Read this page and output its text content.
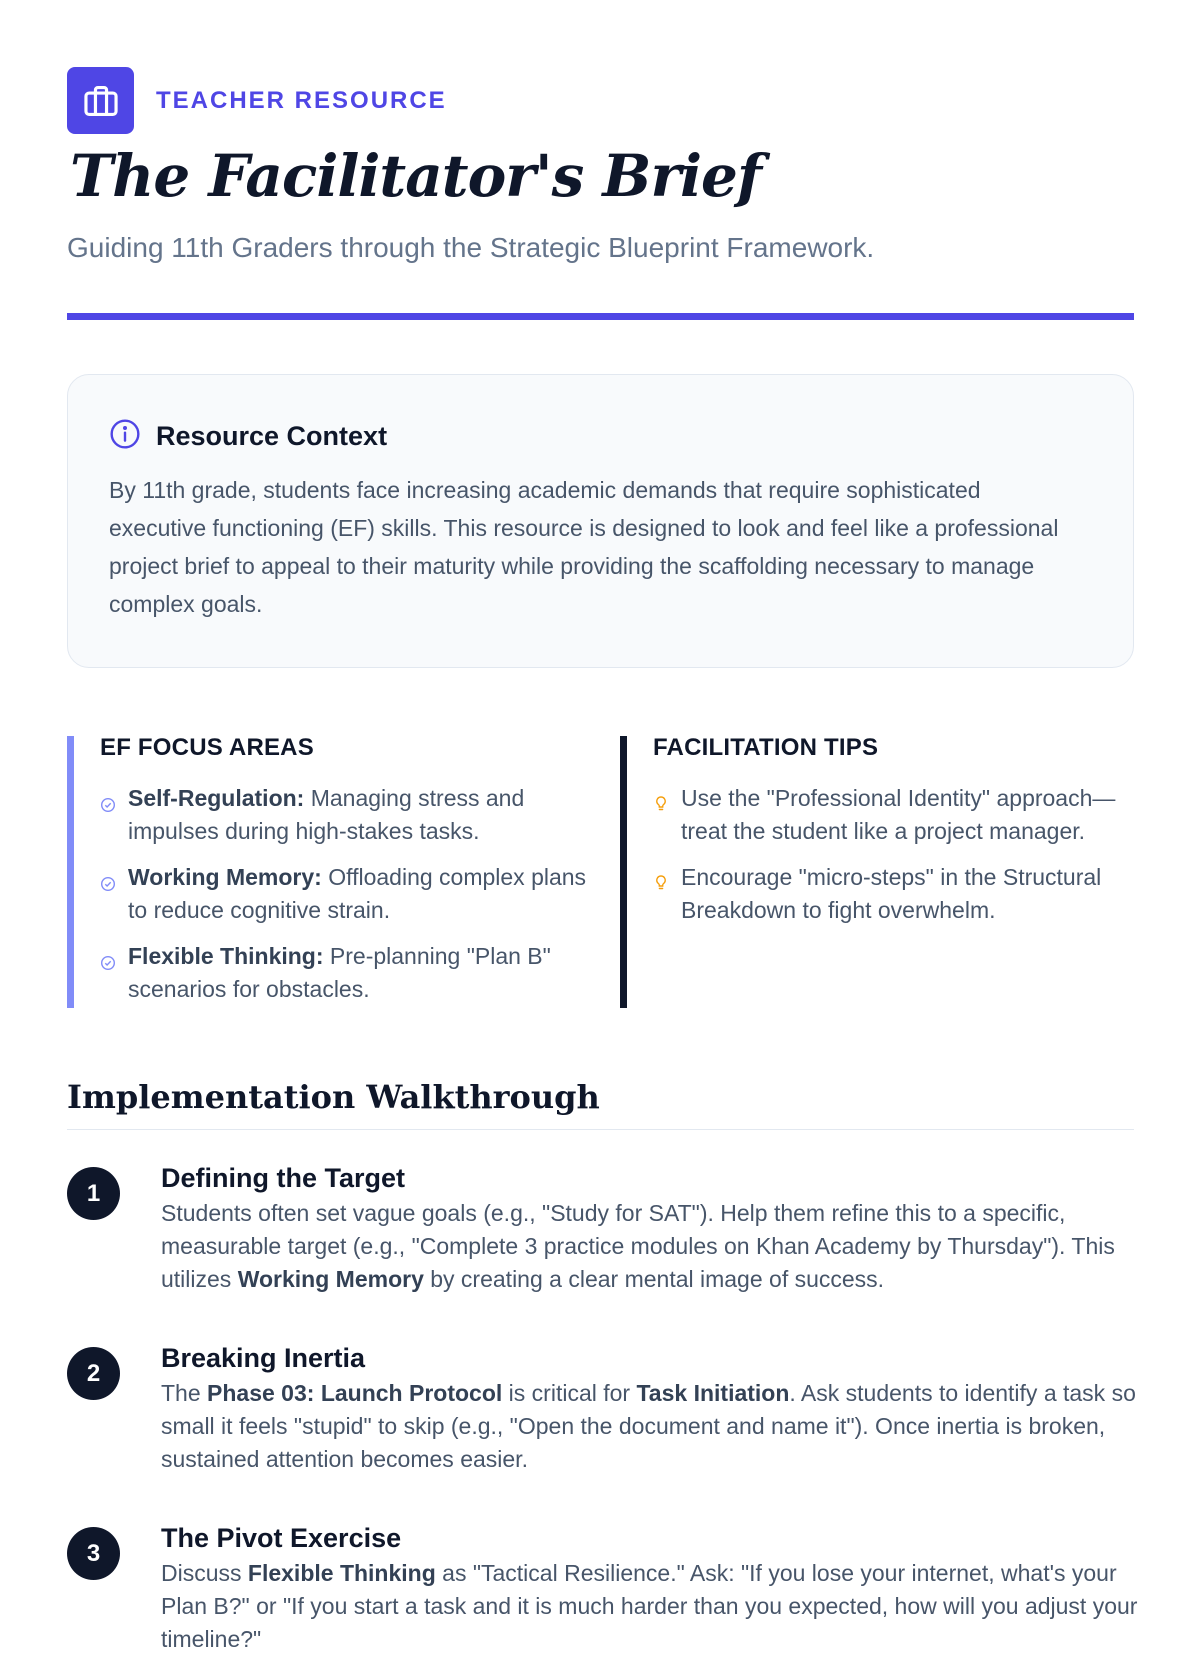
TEACHER RESOURCE
The Facilitator's Brief
Guiding 11th Graders through the Strategic Blueprint Framework.
Resource Context

By 11th grade, students face increasing academic demands that require sophisticated executive functioning (EF) skills. This resource is designed to look and feel like a professional project brief to appeal to their maturity while providing the scaffolding necessary to manage complex goals.

EF FOCUS AREAS
Self-Regulation: Managing stress and impulses during high-stakes tasks.
Working Memory: Offloading complex plans to reduce cognitive strain.
Flexible Thinking: Pre-planning "Plan B" scenarios for obstacles.
FACILITATION TIPS
Use the "Professional Identity" approach—treat the student like a project manager.
Encourage "micro-steps" in the Structural Breakdown to fight overwhelm.
Implementation Walkthrough
1	Defining the Target
Students often set vague goals (e.g., "Study for SAT"). Help them refine this to a specific, measurable target (e.g., "Complete 3 practice modules on Khan Academy by Thursday"). This utilizes Working Memory by creating a clear mental image of success.
2	Breaking Inertia
The Phase 03: Launch Protocol is critical for Task Initiation. Ask students to identify a task so small it feels "stupid" to skip (e.g., "Open the document and name it"). Once inertia is broken, sustained attention becomes easier.
3	The Pivot Exercise
Discuss Flexible Thinking as "Tactical Resilience." Ask: "If you lose your internet, what's your Plan B?" or "If you start a task and it is much harder than you expected, how will you adjust your timeline?"
